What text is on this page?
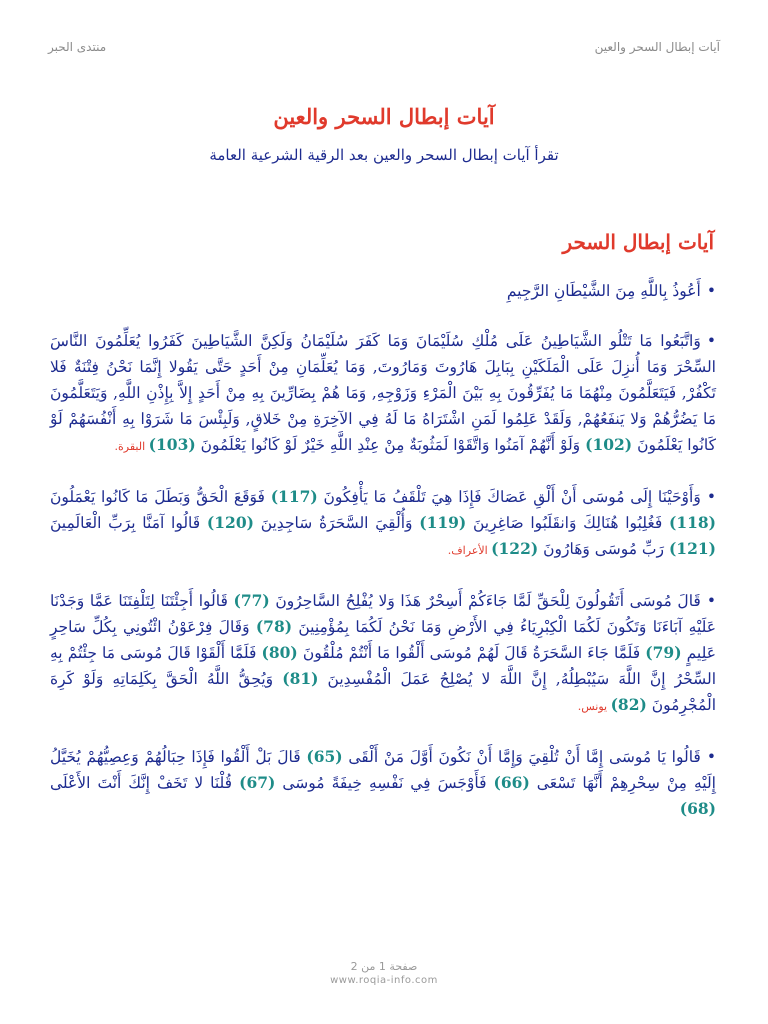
آيات إبطال السحر والعين
منتدى الحبر
آيات إبطال السحر والعين
تقرأ آيات إبطال السحر والعين بعد الرقية الشرعية العامة
آيات إبطال السحر

•أَعُوذُ بِاللَّهِ مِنَ الشَّيْطَانِ الرَّجِيمِ

•وَاتَّبَعُوا مَا تَتْلُو الشَّيَاطِينُ عَلَى مُلْكِ سُلَيْمَانَ وَمَا كَفَرَ سُلَيْمَانُ وَلَكِنَّ الشَّيَاطِينَ كَفَرُوا يُعَلِّمُونَ النَّاسَ السِّحْرَ وَمَا أُنزِلَ عَلَى الْمَلَكَيْنِ بِبَابِلَ هَارُوتَ وَمَارُوتَ, وَمَا يُعَلِّمَانِ مِنْ أَحَدٍ حَتَّى يَقُولا إِنَّمَا نَحْنُ فِتْنَةٌ فَلا تَكْفُرْ, فَيَتَعَلَّمُونَ مِنْهُمَا مَا يُفَرِّقُونَ بِهِ بَيْنَ الْمَرْءِ وَزَوْجِهِ, وَمَا هُمْ بِضَارِّينَ بِهِ مِنْ أَحَدٍ إِلاَّ بِإِذْنِ اللَّهِ, وَيَتَعَلَّمُونَ مَا يَضُرُّهُمْ وَلا يَنفَعُهُمْ, وَلَقَدْ عَلِمُوا لَمَنِ اشْتَرَاهُ مَا لَهُ فِي الآخِرَةِ مِنْ خَلاقٍ, وَلَبِئْسَ مَا شَرَوْا بِهِ أَنْفُسَهُمْ لَوْ كَانُوا يَعْلَمُونَ (102) وَلَوْ أَنَّهُمْ آمَنُوا وَاتَّقَوْا لَمَثُوبَةٌ مِنْ عِنْدِ اللَّهِ خَيْرٌ لَوْ كَانُوا يَعْلَمُونَ (103) البقرة.

•وَأَوْحَيْنَا إِلَى مُوسَى أَنْ أَلْقِ عَصَاكَ فَإِذَا هِيَ تَلْقَفُ مَا يَأْفِكُونَ (117) فَوَقَعَ الْحَقُّ وَبَطَلَ مَا كَانُوا يَعْمَلُونَ (118) فَغُلِبُوا هُنَالِكَ وَانقَلَبُوا صَاغِرِينَ (119) وَأُلْقِيَ السَّحَرَةُ سَاجِدِينَ (120) قَالُوا آمَنَّا بِرَبِّ الْعَالَمِينَ (121) رَبِّ مُوسَى وَهَارُونَ (122) الأعراف.

•قَالَ مُوسَى أَتَقُولُونَ لِلْحَقِّ لَمَّا جَاءَكُمْ أَسِحْرٌ هَذَا وَلا يُفْلِحُ السَّاحِرُونَ (77) قَالُوا أَجِئْتَنَا لِتَلْفِتَنَا عَمَّا وَجَدْنَا عَلَيْهِ آبَاءَنَا وَتَكُونَ لَكُمَا الْكِبْرِيَاءُ فِي الأَرْضِ وَمَا نَحْنُ لَكُمَا بِمُؤْمِنِينَ (78) وَقَالَ فِرْعَوْنُ ائْتُونِي بِكُلِّ سَاحِرٍ عَلِيمٍ (79) فَلَمَّا جَاءَ السَّحَرَةُ قَالَ لَهُمْ مُوسَى أَلْقُوا مَا أَنْتُمْ مُلْقُونَ (80) فَلَمَّا أَلْقَوْا قَالَ مُوسَى مَا جِئْتُمْ بِهِ السِّحْرُ إِنَّ اللَّهَ سَيُبْطِلُهُ, إِنَّ اللَّهَ لا يُصْلِحُ عَمَلَ الْمُفْسِدِينَ (81) وَيُحِقُّ اللَّهُ الْحَقَّ بِكَلِمَاتِهِ وَلَوْ كَرِهَ الْمُجْرِمُونَ (82) يونس.

•قَالُوا يَا مُوسَى إِمَّا أَنْ تُلْقِيَ وَإِمَّا أَنْ نَكُونَ أَوَّلَ مَنْ أَلْقَى (65) قَالَ بَلْ أَلْقُوا فَإِذَا حِبَالُهُمْ وَعِصِيُّهُمْ يُخَيَّلُ إِلَيْهِ مِنْ سِحْرِهِمْ أَنَّهَا تَسْعَى (66) فَأَوْجَسَ فِي نَفْسِهِ خِيفَةً مُوسَى (67) قُلْنَا لا تَخَفْ إِنَّكَ أَنْتَ الأَعْلَى (68)

صفحة 1 من 2
www.roqia-info.com
